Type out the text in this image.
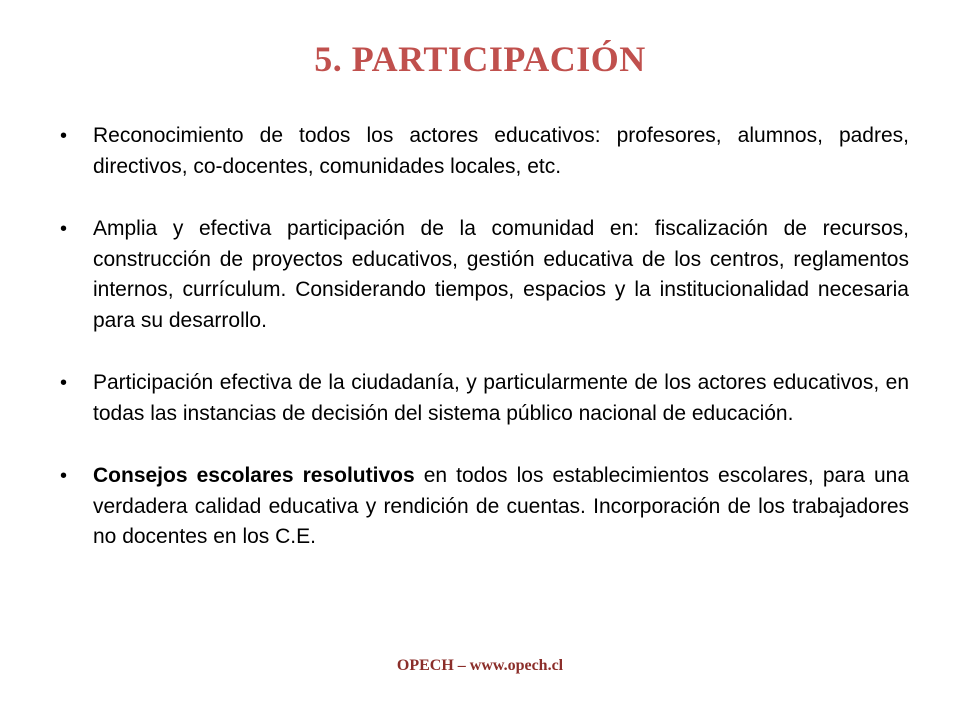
5. PARTICIPACIÓN
• Reconocimiento de todos los actores educativos: profesores, alumnos, padres, directivos, co-docentes, comunidades locales, etc.
• Amplia y efectiva participación de la comunidad en: fiscalización de recursos, construcción de proyectos educativos, gestión educativa de los centros, reglamentos internos, currículum. Considerando tiempos, espacios y la institucionalidad necesaria para su desarrollo.
• Participación efectiva de la ciudadanía, y particularmente de los actores educativos, en todas las instancias de decisión del sistema público nacional de educación.
• Consejos escolares resolutivos en todos los establecimientos escolares, para una verdadera calidad educativa y rendición de cuentas. Incorporación de los trabajadores no docentes en los C.E.
OPECH – www.opech.cl
